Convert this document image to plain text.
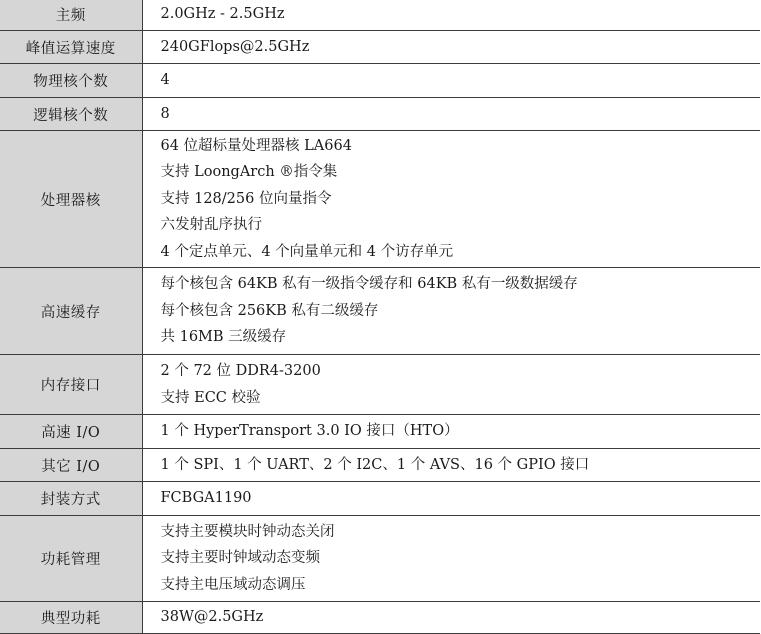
主频	2.0GHz - 2.5GHz

峰值运算速度	240GFlops@2.5GHz

物理核个数	4

逻辑核个数	8

处理器核	64 位超标量处理器核 LA664
支持 LoongArch ®指令集
支持 128/256 位向量指令
六发射乱序执行
4 个定点单元、4 个向量单元和 4 个访存单元

高速缓存	每个核包含 64KB 私有一级指令缓存和 64KB 私有一级数据缓存
每个核包含 256KB 私有二级缓存
共 16MB 三级缓存

内存接口	2 个 72 位 DDR4-3200
支持 ECC 校验

高速 I/O	1 个 HyperTransport 3.0 IO 接口（HTO）

其它 I/O	1 个 SPI、1 个 UART、2 个 I2C、1 个 AVS、16 个 GPIO 接口

封装方式	FCBGA1190

功耗管理	支持主要模块时钟动态关闭
支持主要时钟域动态变频
支持主电压域动态调压

典型功耗	38W@2.5GHz
